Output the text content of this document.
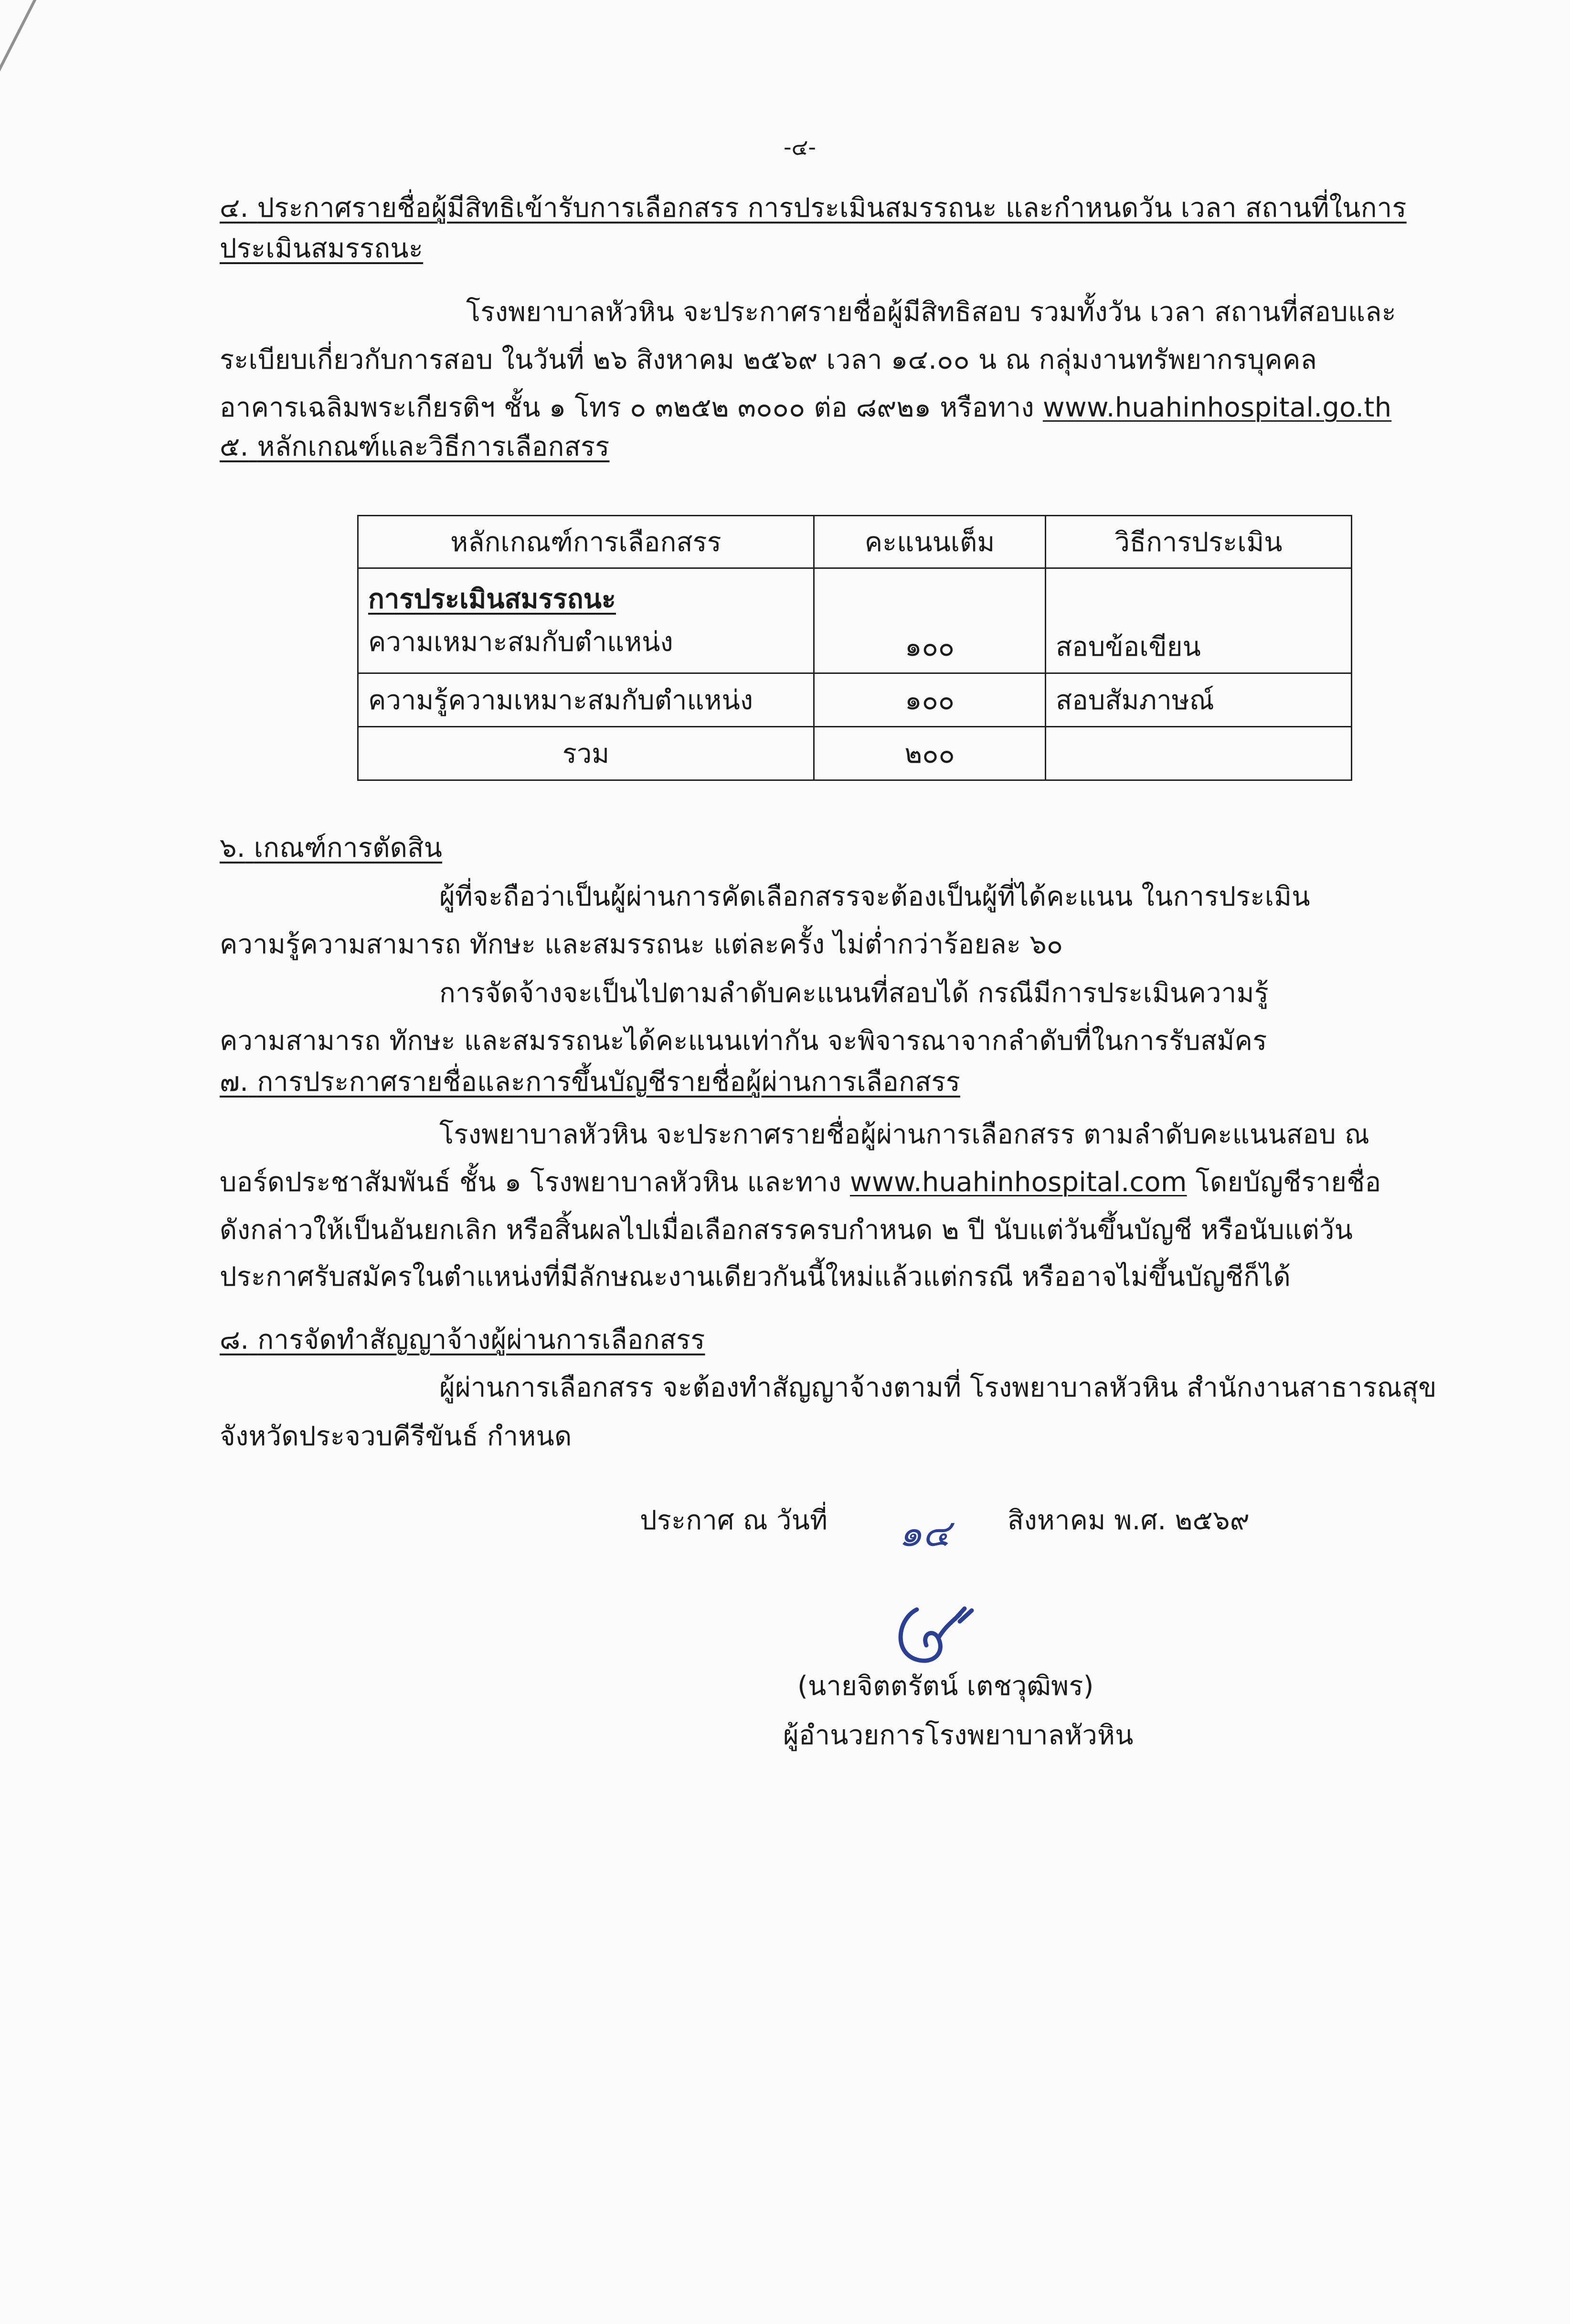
-๔-
๔. ประกาศรายชื่อผู้มีสิทธิเข้ารับการเลือกสรร การประเมินสมรรถนะ และกำหนดวัน เวลา สถานที่ในการ
ประเมินสมรรถนะ
โรงพยาบาลหัวหิน จะประกาศรายชื่อผู้มีสิทธิสอบ รวมทั้งวัน เวลา สถานที่สอบและ
ระเบียบเกี่ยวกับการสอบ ในวันที่ ๒๖ สิงหาคม ๒๕๖๙ เวลา ๑๔.๐๐ น ณ กลุ่มงานทรัพยากรบุคคล
อาคารเฉลิมพระเกียรติฯ ชั้น ๑ โทร ๐ ๓๒๕๒ ๓๐๐๐ ต่อ ๘๙๒๑ หรือทาง www.huahinhospital.go.th
๕. หลักเกณฑ์และวิธีการเลือกสรร
หลักเกณฑ์การเลือกสรร	คะแนนเต็ม	วิธีการประเมิน

การประเมินสมรรถนะ
ความเหมาะสมกับตำแหน่ง	๑๐๐	สอบข้อเขียน
ความรู้ความเหมาะสมกับตำแหน่ง	๑๐๐	สอบสัมภาษณ์
รวม	๒๐๐	
๖. เกณฑ์การตัดสิน
ผู้ที่จะถือว่าเป็นผู้ผ่านการคัดเลือกสรรจะต้องเป็นผู้ที่ได้คะแนน ในการประเมิน
ความรู้ความสามารถ ทักษะ และสมรรถนะ แต่ละครั้ง ไม่ต่ำกว่าร้อยละ ๖๐
การจัดจ้างจะเป็นไปตามลำดับคะแนนที่สอบได้ กรณีมีการประเมินความรู้
ความสามารถ ทักษะ และสมรรถนะได้คะแนนเท่ากัน จะพิจารณาจากลำดับที่ในการรับสมัคร
๗. การประกาศรายชื่อและการขึ้นบัญชีรายชื่อผู้ผ่านการเลือกสรร
โรงพยาบาลหัวหิน จะประกาศรายชื่อผู้ผ่านการเลือกสรร ตามลำดับคะแนนสอบ ณ
บอร์ดประชาสัมพันธ์ ชั้น ๑ โรงพยาบาลหัวหิน และทาง www.huahinhospital.com โดยบัญชีรายชื่อ
ดังกล่าวให้เป็นอันยกเลิก หรือสิ้นผลไปเมื่อเลือกสรรครบกำหนด ๒ ปี นับแต่วันขึ้นบัญชี หรือนับแต่วัน
ประกาศรับสมัครในตำแหน่งที่มีลักษณะงานเดียวกันนี้ใหม่แล้วแต่กรณี หรืออาจไม่ขึ้นบัญชีก็ได้
๘. การจัดทำสัญญาจ้างผู้ผ่านการเลือกสรร
ผู้ผ่านการเลือกสรร จะต้องทำสัญญาจ้างตามที่ โรงพยาบาลหัวหิน สำนักงานสาธารณสุข
จังหวัดประจวบคีรีขันธ์ กำหนด
ประกาศ ณ วันที่ ๑๔ สิงหาคม พ.ศ. ๒๕๖๙
(นายจิตตรัตน์ เตชวุฒิพร)
ผู้อำนวยการโรงพยาบาลหัวหิน
